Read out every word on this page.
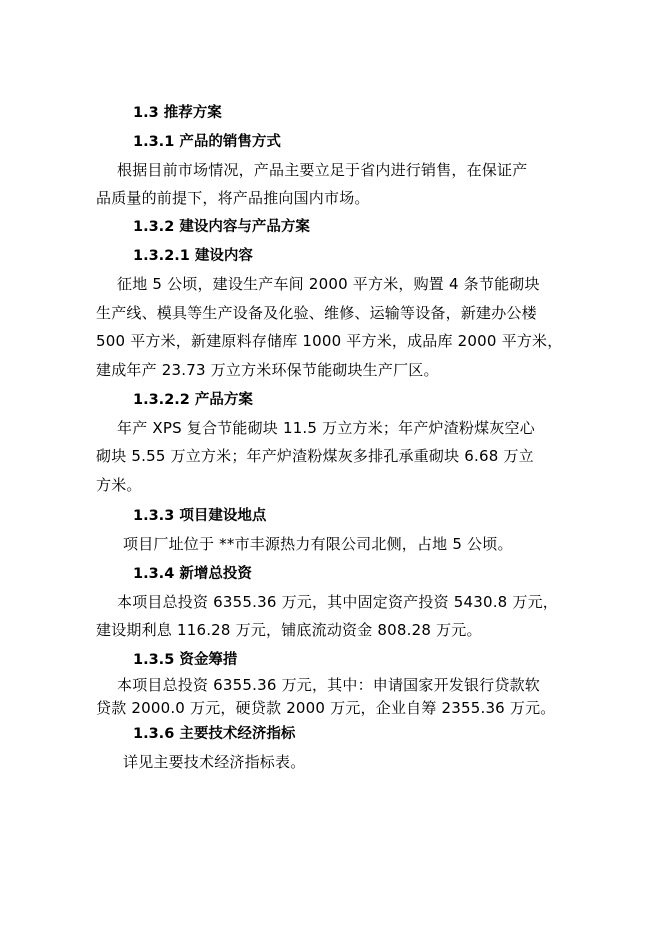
1.3 推荐方案
1.3.1 产品的销售方式
根据目前市场情况，产品主要立足于省内进行销售，在保证产
品质量的前提下，将产品推向国内市场。
1.3.2 建设内容与产品方案
1.3.2.1 建设内容
征地 5 公顷，建设生产车间 2000 平方米，购置 4 条节能砌块
生产线、模具等生产设备及化验、维修、运输等设备，新建办公楼
500 平方米，新建原料存储库 1000 平方米，成品库 2000 平方米，
建成年产 23.73 万立方米环保节能砌块生产厂区。
1.3.2.2 产品方案
年产 XPS 复合节能砌块 11.5 万立方米；年产炉渣粉煤灰空心
砌块 5.55 万立方米；年产炉渣粉煤灰多排孔承重砌块 6.68 万立
方米。
1.3.3 项目建设地点
项目厂址位于 **市丰源热力有限公司北侧，占地 5 公顷。
1.3.4 新增总投资
本项目总投资 6355.36 万元，其中固定资产投资 5430.8 万元，
建设期利息 116.28 万元，铺底流动资金 808.28 万元。
1.3.5 资金筹措
本项目总投资 6355.36 万元，其中：申请国家开发银行贷款软
贷款 2000.0 万元，硬贷款 2000 万元，企业自筹 2355.36 万元。
1.3.6 主要技术经济指标
详见主要技术经济指标表。
